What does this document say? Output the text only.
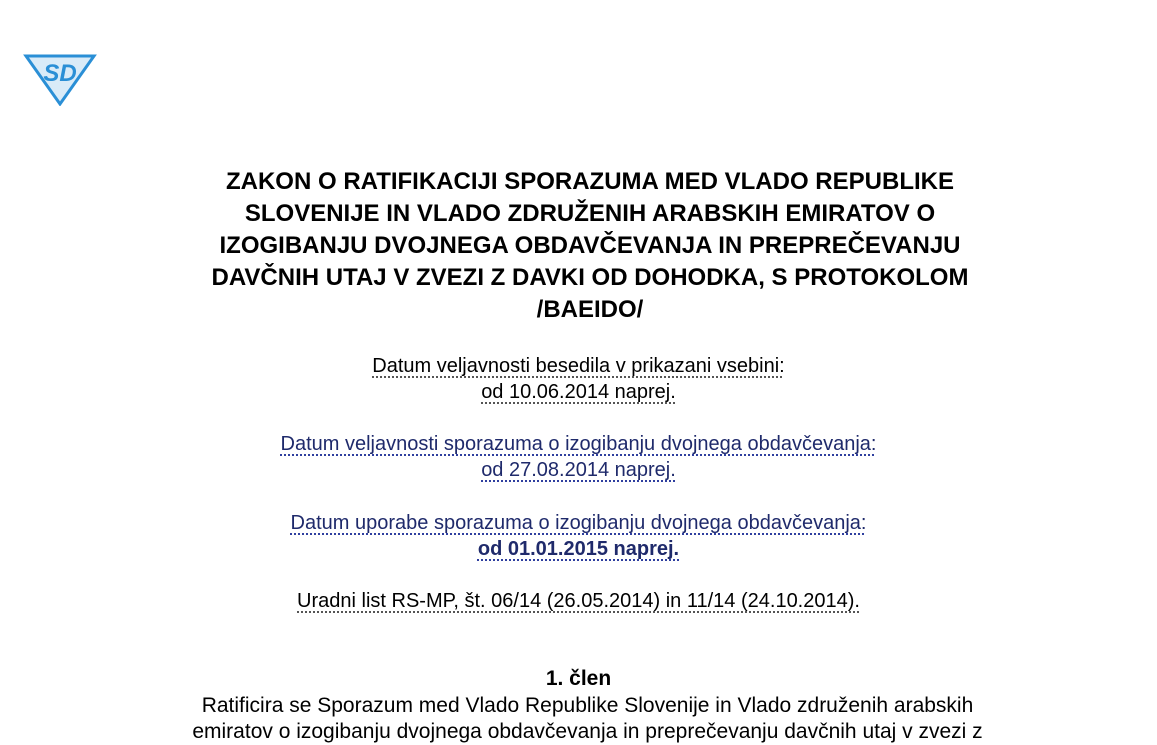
SD
ZAKON O RATIFIKACIJI SPORAZUMA MED VLADO REPUBLIKE
SLOVENIJE IN VLADO ZDRUŽENIH ARABSKIH EMIRATOV O
IZOGIBANJU DVOJNEGA OBDAVČEVANJA IN PREPREČEVANJU
DAVČNIH UTAJ V ZVEZI Z DAVKI OD DOHODKA, S PROTOKOLOM
/BAEIDO/
Datum veljavnosti besedila v prikazani vsebini:
od 10.06.2014 naprej.
Datum veljavnosti sporazuma o izogibanju dvojnega obdavčevanja:
od 27.08.2014 naprej.
Datum uporabe sporazuma o izogibanju dvojnega obdavčevanja:
od 01.01.2015 naprej.
Uradni list RS-MP, št. 06/14 (26.05.2014) in 11/14 (24.10.2014).
1. člen
Ratificira se Sporazum med Vlado Republike Slovenije in Vlado združenih arabskih
emiratov o izogibanju dvojnega obdavčevanja in preprečevanju davčnih utaj v zvezi z
